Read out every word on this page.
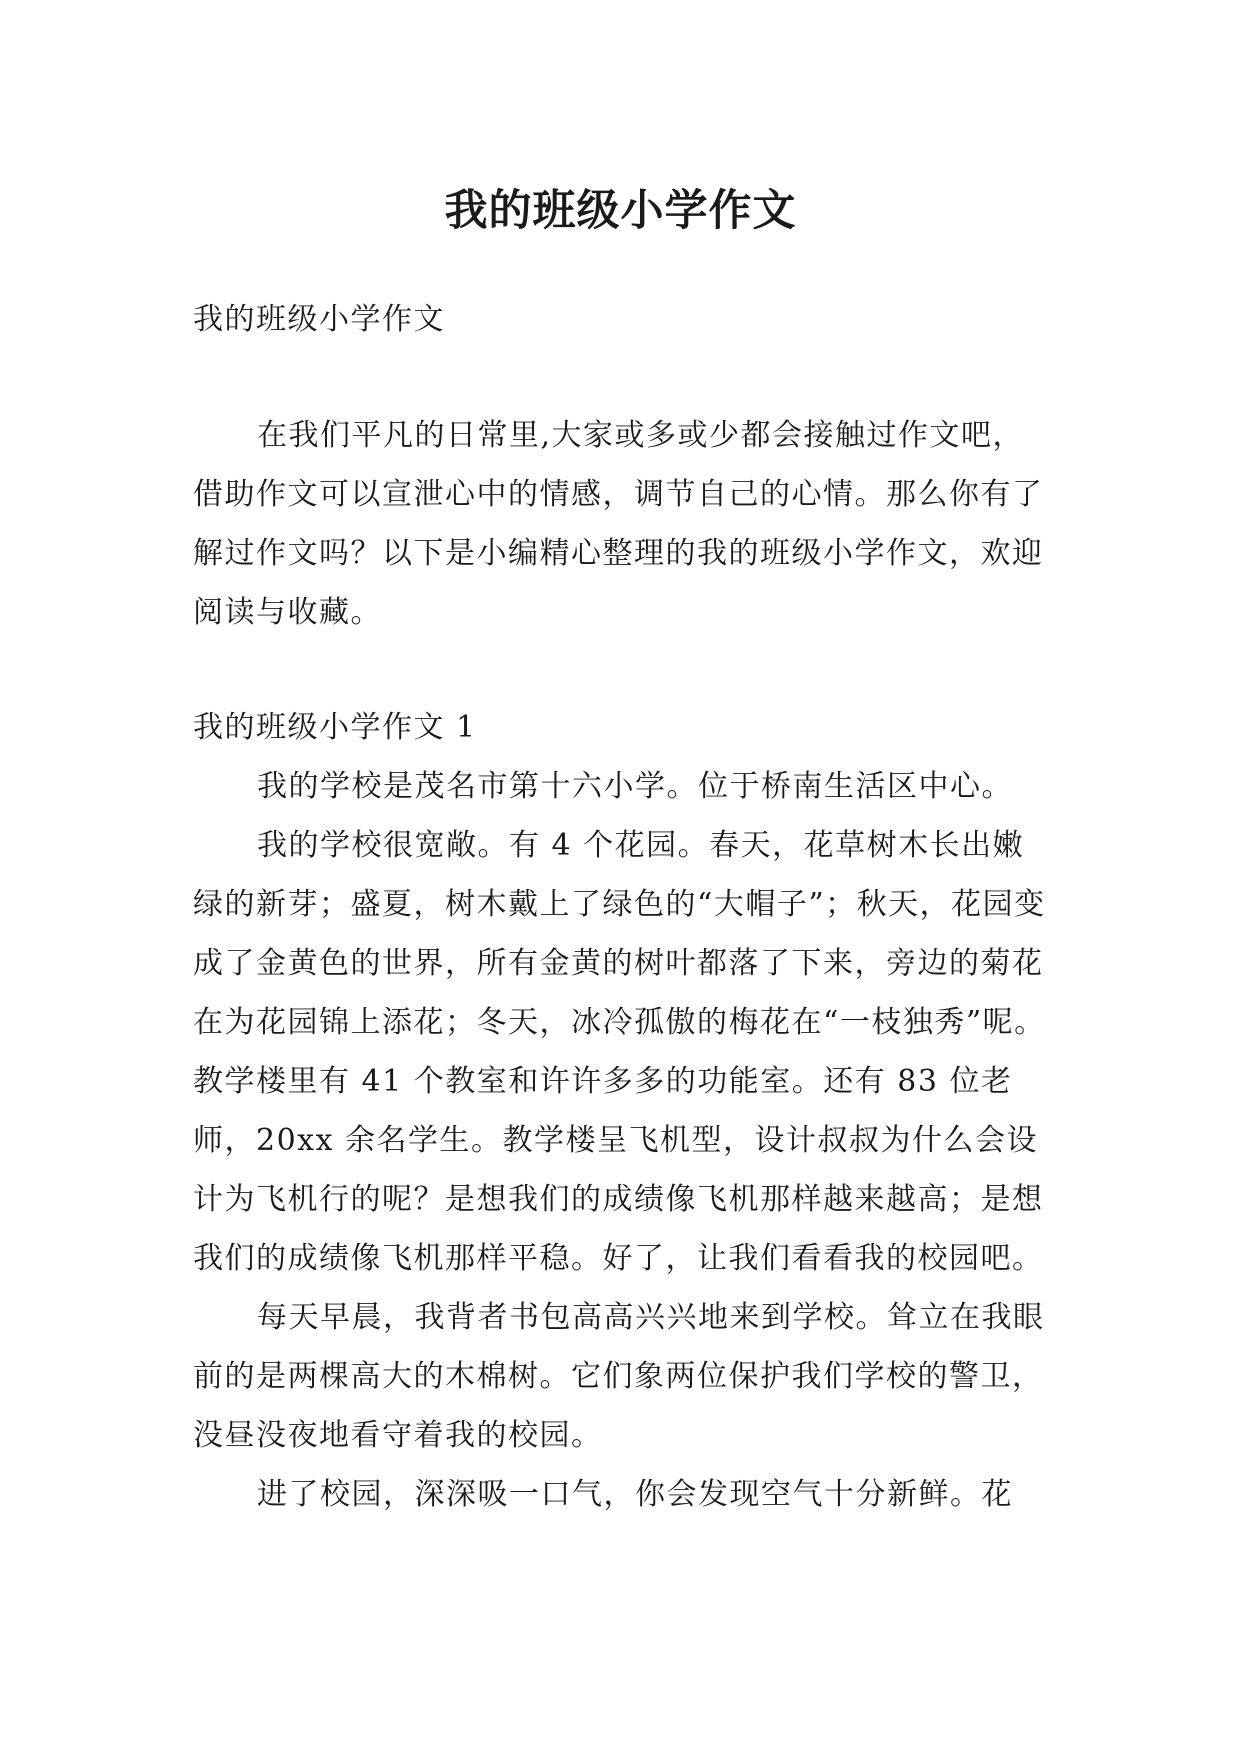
我的班级小学作文

我的班级小学作文

在我们平凡的日常里,大家或多或少都会接触过作文吧，借助作文可以宣泄心中的情感，调节自己的心情。那么你有了解过作文吗？以下是小编精心整理的我的班级小学作文，欢迎阅读与收藏。

我的班级小学作文 1

我的学校是茂名市第十六小学。位于桥南生活区中心。

我的学校很宽敞。有 4 个花园。春天，花草树木长出嫩绿的新芽；盛夏，树木戴上了绿色的“大帽子”；秋天，花园变成了金黄色的世界，所有金黄的树叶都落了下来，旁边的菊花在为花园锦上添花；冬天，冰冷孤傲的梅花在“一枝独秀”呢。教学楼里有 41 个教室和许许多多的功能室。还有 83 位老师，20xx 余名学生。教学楼呈飞机型，设计叔叔为什么会设计为飞机行的呢？是想我们的成绩像飞机那样越来越高；是想我们的成绩像飞机那样平稳。好了，让我们看看我的校园吧。

每天早晨，我背者书包高高兴兴地来到学校。耸立在我眼前的是两棵高大的木棉树。它们象两位保护我们学校的警卫，没昼没夜地看守着我的校园。

进了校园，深深吸一口气，你会发现空气十分新鲜。花
